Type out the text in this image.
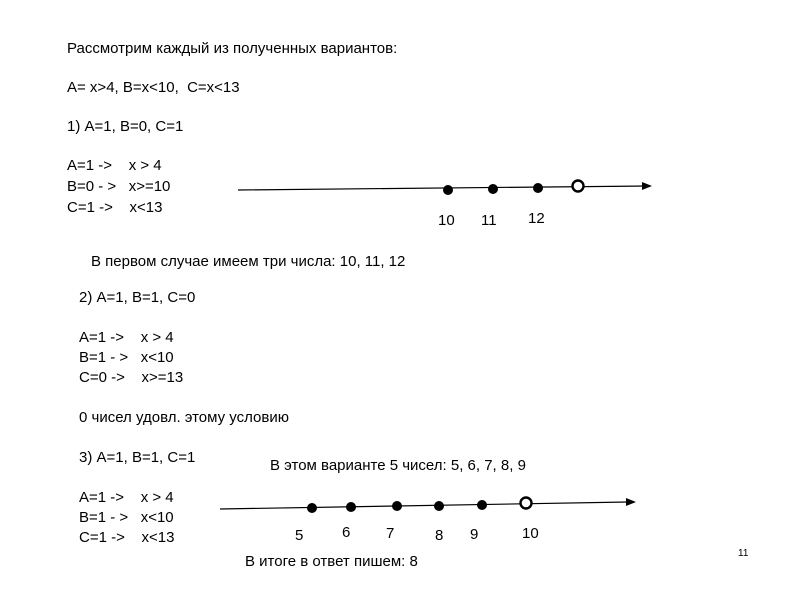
Рассмотрим каждый из полученных вариантов:
А= х>4, В=х<10,  С=х<13
1) А=1, В=0, С=1
А=1 ->    х > 4
В=0 - >   х>=10
С=1 ->    х<13
10 11 12
В первом случае имеем три числа: 10, 11, 12
2) А=1, В=1, С=0
А=1 ->    х > 4
В=1 - >   х<10
С=0 ->    х>=13
0 чисел удовл. этому условию
3) А=1, В=1, С=1	В этом варианте 5 чисел: 5, 6, 7, 8, 9
А=1 ->    х > 4
В=1 - >   х<10
С=1 ->    х<13	5	6 7	8 9	10
В итоге в ответ пишем: 8	11
